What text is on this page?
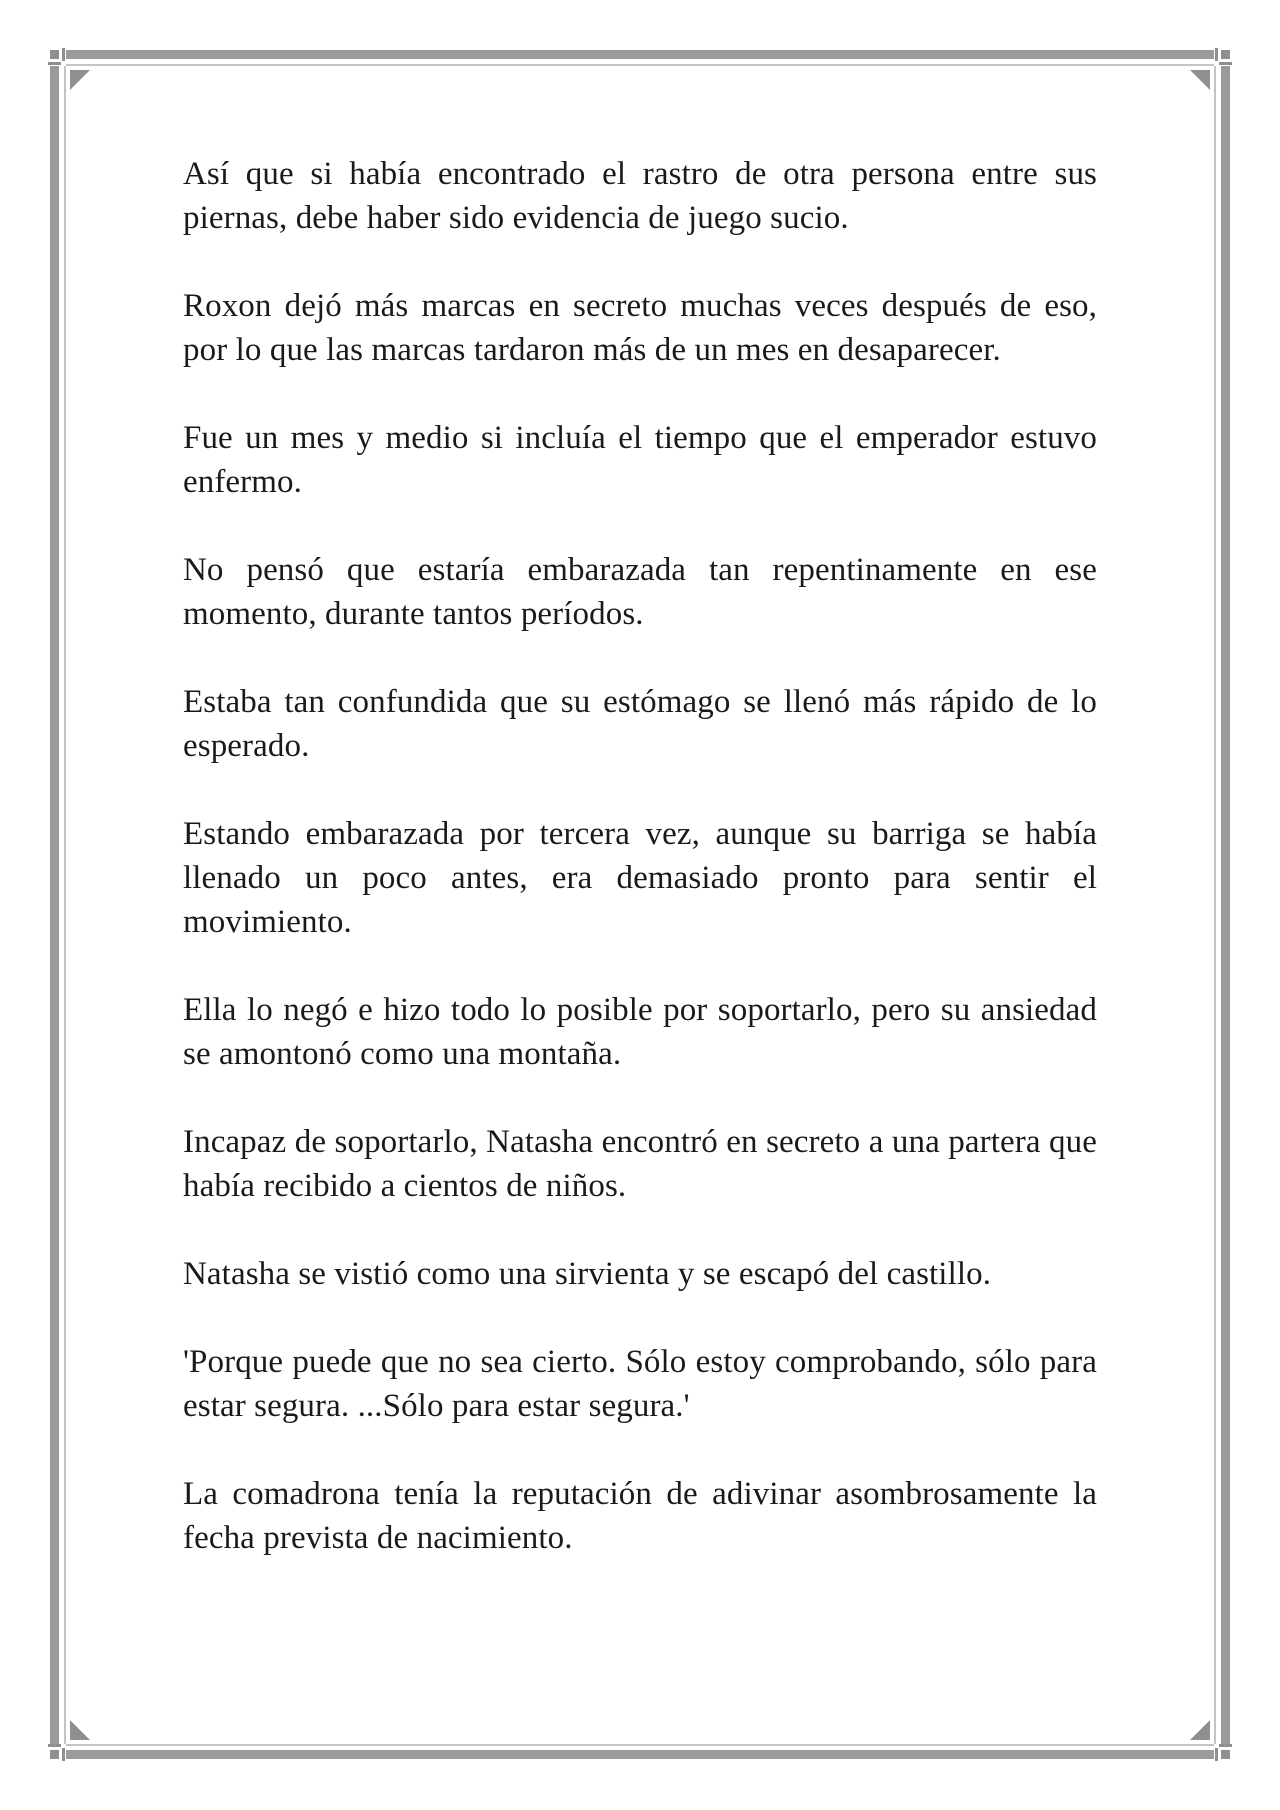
Así que si había encontrado el rastro de otra persona entre sus piernas, debe haber sido evidencia de juego sucio.

Roxon dejó más marcas en secreto muchas veces después de eso, por lo que las marcas tardaron más de un mes en desaparecer.

Fue un mes y medio si incluía el tiempo que el emperador estuvo enfermo.

No pensó que estaría embarazada tan repentinamente en ese momento, durante tantos períodos.

Estaba tan confundida que su estómago se llenó más rápido de lo esperado.

Estando embarazada por tercera vez, aunque su barriga se había llenado un poco antes, era demasiado pronto para sentir el movimiento.

Ella lo negó e hizo todo lo posible por soportarlo, pero su ansiedad se amontonó como una montaña.

Incapaz de soportarlo, Natasha encontró en secreto a una partera que había recibido a cientos de niños.

Natasha se vistió como una sirvienta y se escapó del castillo.

'Porque puede que no sea cierto. Sólo estoy comprobando, sólo para estar segura. ...Sólo para estar segura.'

La comadrona tenía la reputación de adivinar asombrosamente la fecha prevista de nacimiento.
